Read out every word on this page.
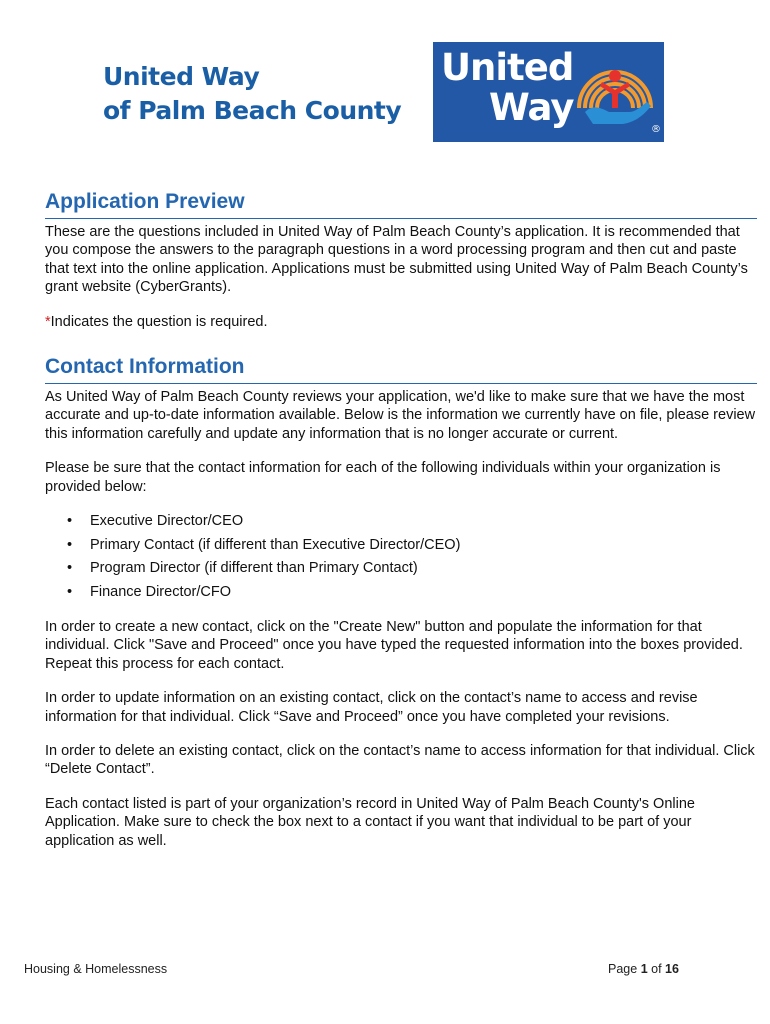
United Way
of Palm Beach County
United
Way
®
Application Preview

These are the questions included in United Way of Palm Beach County’s application. It is recommended that you compose the answers to the paragraph questions in a word processing program and then cut and paste that text into the online application. Applications must be submitted using United Way of Palm Beach County’s grant website (CyberGrants).

*Indicates the question is required.

Contact Information

As United Way of Palm Beach County reviews your application, we'd like to make sure that we have the most accurate and up-to-date information available. Below is the information we currently have on file, please review this information carefully and update any information that is no longer accurate or current.

Please be sure that the contact information for each of the following individuals within your organization is provided below:

• Executive Director/CEO
• Primary Contact (if different than Executive Director/CEO)
• Program Director (if different than Primary Contact)
• Finance Director/CFO

In order to create a new contact, click on the "Create New" button and populate the information for that individual. Click "Save and Proceed" once you have typed the requested information into the boxes provided. Repeat this process for each contact.

In order to update information on an existing contact, click on the contact’s name to access and revise information for that individual. Click “Save and Proceed” once you have completed your revisions.

In order to delete an existing contact, click on the contact’s name to access information for that individual. Click “Delete Contact”.

Each contact listed is part of your organization’s record in United Way of Palm Beach County's Online Application. Make sure to check the box next to a contact if you want that individual to be part of your application as well.

Housing & Homelessness	Page 1 of 16
